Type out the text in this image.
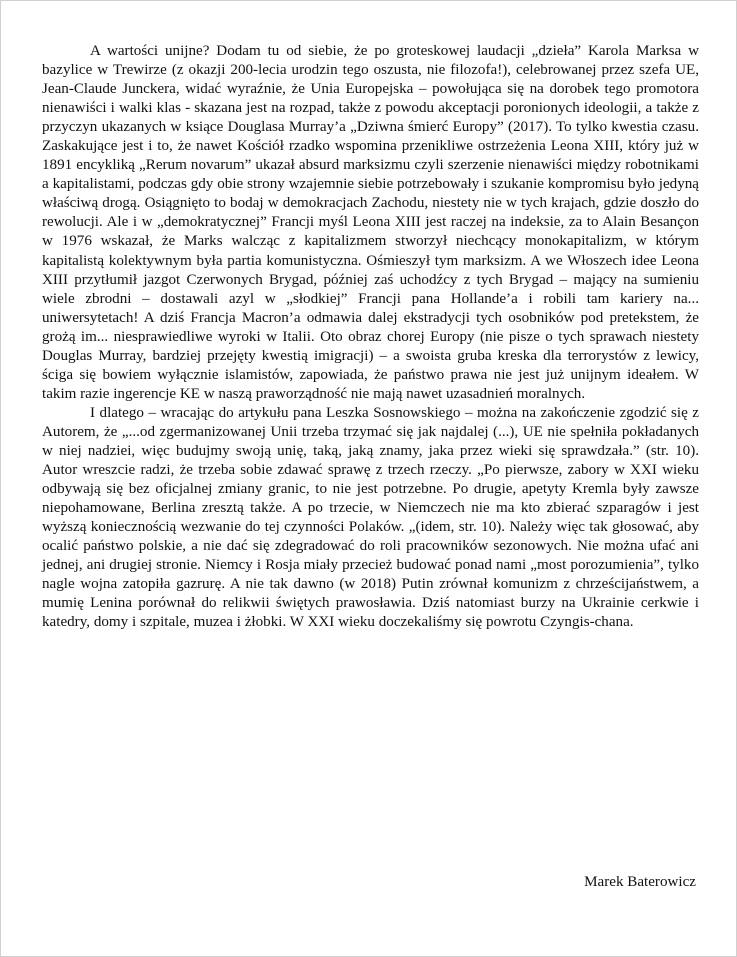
A wartości unijne? Dodam tu od siebie, że po groteskowej laudacji „dzieła” Karola Marksa w bazylice w Trewirze (z okazji 200-lecia urodzin tego oszusta, nie filozofa!), celebrowanej przez szefa UE, Jean-Claude Junckera, widać wyraźnie, że Unia Europejska – powołująca się na dorobek tego promotora nienawiści i walki klas - skazana jest na rozpad, także z powodu akceptacji poronionych ideologii, a także z przyczyn ukazanych w ksiące Douglasa Murray’a „Dziwna śmierć Europy” (2017). To tylko kwestia czasu. Zaskakujące jest i to, że nawet Kościół rzadko wspomina przenikliwe ostrzeżenia Leona XIII, który już w 1891 encykliką „Rerum novarum” ukazał absurd marksizmu czyli szerzenie nienawiści między robotnikami a kapitalistami, podczas gdy obie strony wzajemnie siebie potrzebowały i szukanie kompromisu było jedyną właściwą drogą. Osiągnięto to bodaj w demokracjach Zachodu, niestety nie w tych krajach, gdzie doszło do rewolucji. Ale i w „demokratycznej” Francji myśl Leona XIII jest raczej na indeksie, za to Alain Besançon w 1976 wskazał, że Marks walcząc z kapitalizmem stworzył niechcący monokapitalizm, w którym kapitalistą kolektywnym była partia komunistyczna. Ośmieszył tym marksizm. A we Włoszech idee Leona XIII przytłumił jazgot Czerwonych Brygad, później zaś uchodźcy z tych Brygad – mający na sumieniu wiele zbrodni – dostawali azyl w „słodkiej” Francji pana Hollande’a i robili tam kariery na... uniwersytetach! A dziś Francja Macron’a odmawia dalej ekstradycji tych osobników pod pretekstem, że grożą im... niesprawiedliwe wyroki w Italii. Oto obraz chorej Europy (nie pisze o tych sprawach niestety Douglas Murray, bardziej przejęty kwestią imigracji) – a swoista gruba kreska dla terrorystów z lewicy, ściga się bowiem wyłącznie islamistów, zapowiada, że państwo prawa nie jest już unijnym ideałem. W takim razie ingerencje KE w naszą praworządność nie mają nawet uzasadnień moralnych.

I dlatego – wracając do artykułu pana Leszka Sosnowskiego – można na zakończenie zgodzić się z Autorem, że „...od zgermanizowanej Unii trzeba trzymać się jak najdalej (...), UE nie spełniła pokładanych w niej nadziei, więc budujmy swoją unię, taką, jaką znamy, jaka przez wieki się sprawdzała.” (str. 10). Autor wreszcie radzi, że trzeba sobie zdawać sprawę z trzech rzeczy. „Po pierwsze, zabory w XXI wieku odbywają się bez oficjalnej zmiany granic, to nie jest potrzebne. Po drugie, apetyty Kremla były zawsze niepohamowane, Berlina zresztą także. A po trzecie, w Niemczech nie ma kto zbierać szparagów i jest wyższą koniecznością wezwanie do tej czynności Polaków. „(idem, str. 10). Należy więc tak głosować, aby ocalić państwo polskie, a nie dać się zdegradować do roli pracowników sezonowych. Nie można ufać ani jednej, ani drugiej stronie. Niemcy i Rosja miały przecież budować ponad nami „most porozumienia”, tylko nagle wojna zatopiła gazrurę. A nie tak dawno (w 2018) Putin zrównał komunizm z chrześcijaństwem, a mumię Lenina porównał do relikwii świętych prawosławia. Dziś natomiast burzy na Ukrainie cerkwie i katedry, domy i szpitale, muzea i żłobki. W XXI wieku doczekaliśmy się powrotu Czyngis-chana.

Marek Baterowicz
